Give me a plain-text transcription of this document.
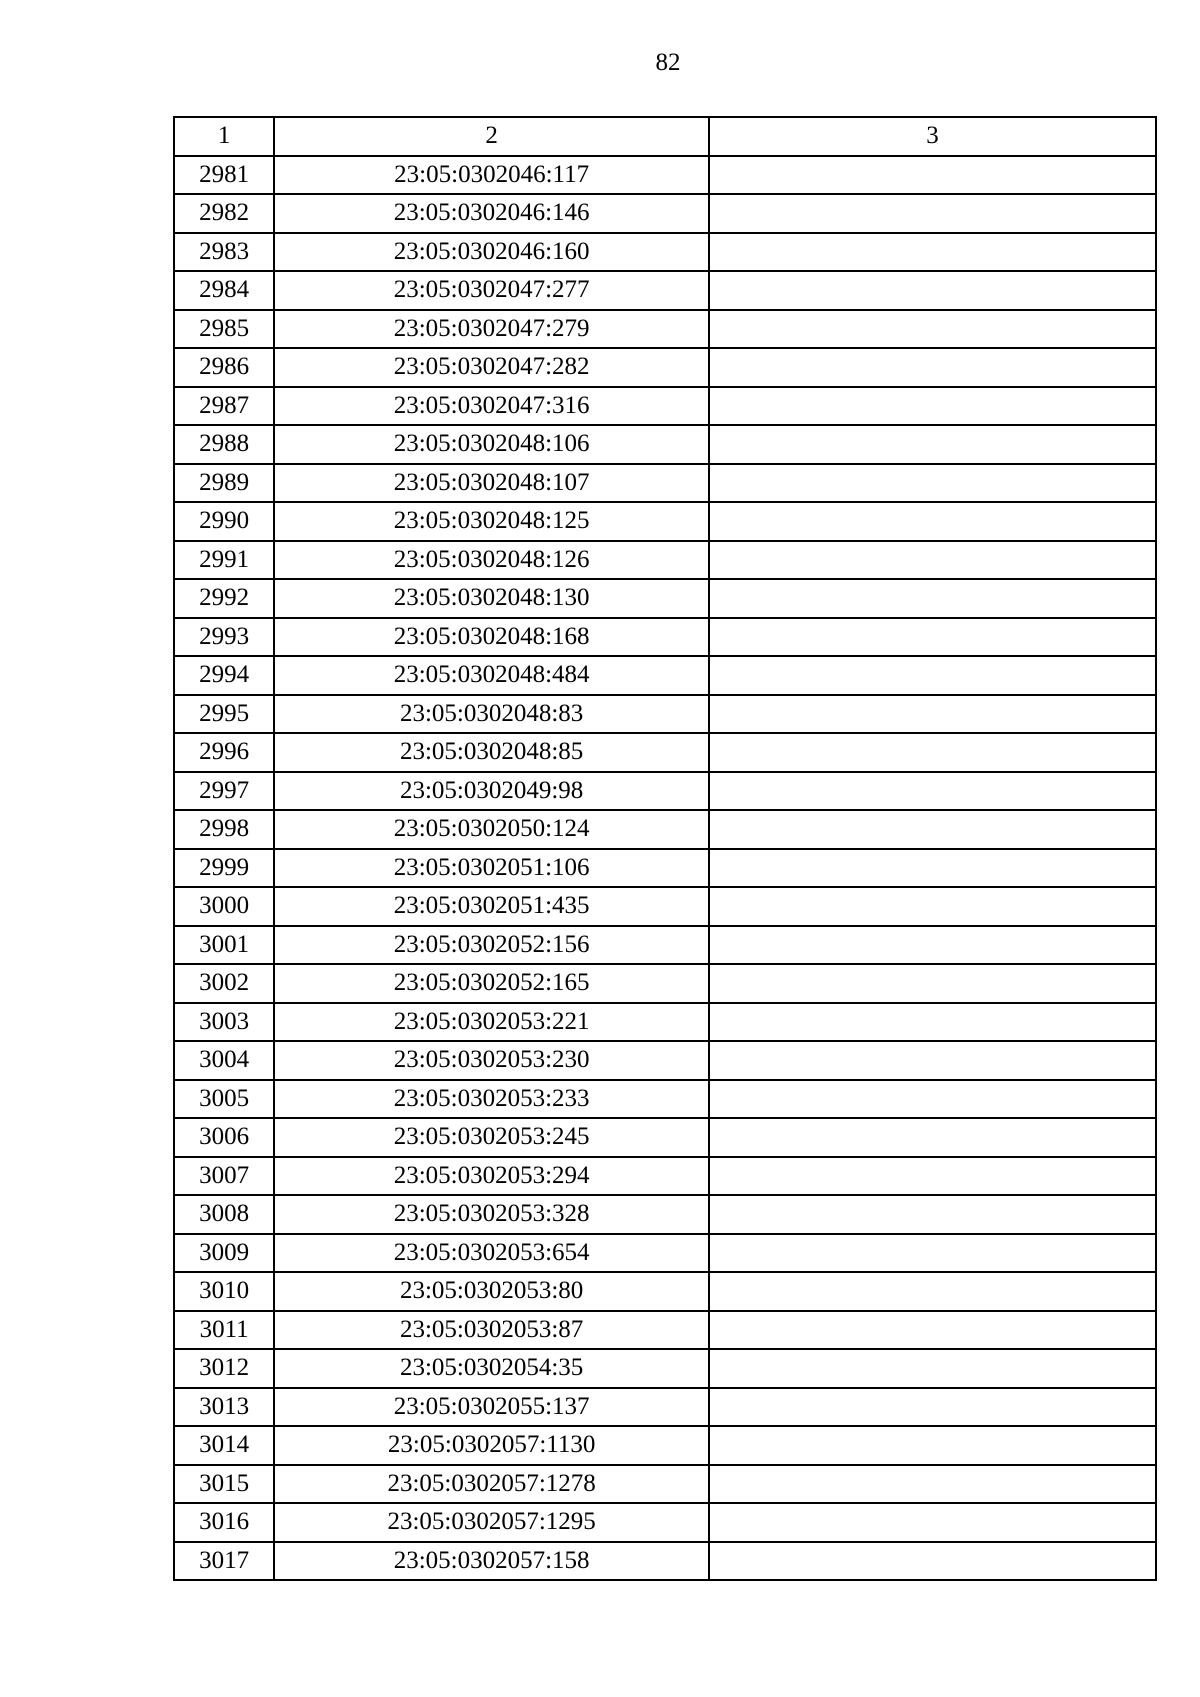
82
1	2	3
2981	23:05:0302046:117	
2982	23:05:0302046:146	
2983	23:05:0302046:160	
2984	23:05:0302047:277	
2985	23:05:0302047:279	
2986	23:05:0302047:282	
2987	23:05:0302047:316	
2988	23:05:0302048:106	
2989	23:05:0302048:107	
2990	23:05:0302048:125	
2991	23:05:0302048:126	
2992	23:05:0302048:130	
2993	23:05:0302048:168	
2994	23:05:0302048:484	
2995	23:05:0302048:83	
2996	23:05:0302048:85	
2997	23:05:0302049:98	
2998	23:05:0302050:124	
2999	23:05:0302051:106	
3000	23:05:0302051:435	
3001	23:05:0302052:156	
3002	23:05:0302052:165	
3003	23:05:0302053:221	
3004	23:05:0302053:230	
3005	23:05:0302053:233	
3006	23:05:0302053:245	
3007	23:05:0302053:294	
3008	23:05:0302053:328	
3009	23:05:0302053:654	
3010	23:05:0302053:80	
3011	23:05:0302053:87	
3012	23:05:0302054:35	
3013	23:05:0302055:137	
3014	23:05:0302057:1130	
3015	23:05:0302057:1278	
3016	23:05:0302057:1295	
3017	23:05:0302057:158	
